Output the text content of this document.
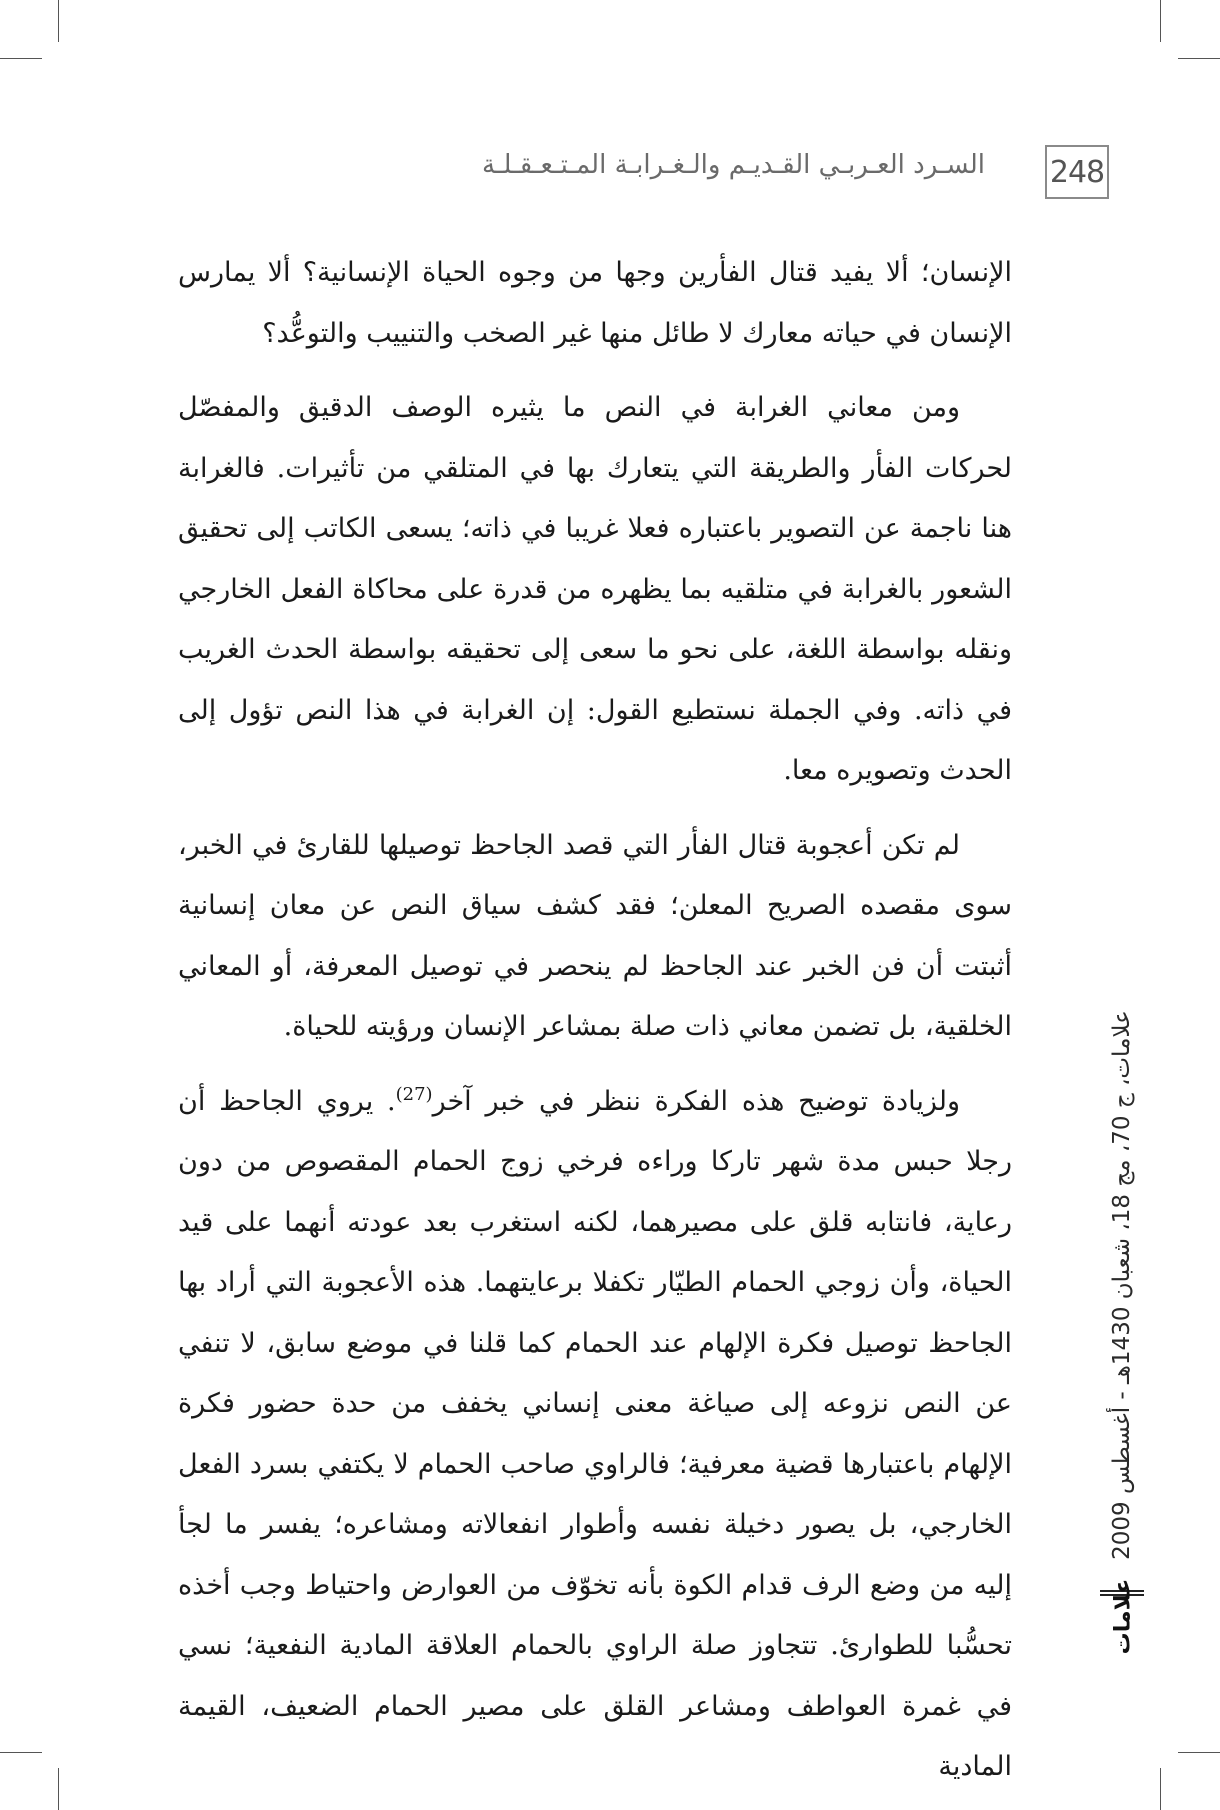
248
السـرد العـربـي القـديـم والـغـرابـة المـتـعـقـلـة

الإنسان؛ ألا يفيد قتال الفأرين وجها من وجوه الحياة الإنسانية؟ ألا يمارس الإنسان في حياته معارك لا طائل منها غير الصخب والتنييب والتوعُّد؟

ومن معاني الغرابة في النص ما يثيره الوصف الدقيق والمفصّل لحركات الفأر والطريقة التي يتعارك بها في المتلقي من تأثيرات. فالغرابة هنا ناجمة عن التصوير باعتباره فعلا غريبا في ذاته؛ يسعى الكاتب إلى تحقيق الشعور بالغرابة في متلقيه بما يظهره من قدرة على محاكاة الفعل الخارجي ونقله بواسطة اللغة، على نحو ما سعى إلى تحقيقه بواسطة الحدث الغريب في ذاته. وفي الجملة نستطيع القول: إن الغرابة في هذا النص تؤول إلى الحدث وتصويره معا.

لم تكن أعجوبة قتال الفأر التي قصد الجاحظ توصيلها للقارئ في الخبر، سوى مقصده الصريح المعلن؛ فقد كشف سياق النص عن معان إنسانية أثبتت أن فن الخبر عند الجاحظ لم ينحصر في توصيل المعرفة، أو المعاني الخلقية، بل تضمن معاني ذات صلة بمشاعر الإنسان ورؤيته للحياة.

ولزيادة توضيح هذه الفكرة ننظر في خبر آخر$^{(27)}$. يروي الجاحظ أن رجلا حبس مدة شهر تاركا وراءه فرخي زوج الحمام المقصوص من دون رعاية، فانتابه قلق على مصيرهما، لكنه استغرب بعد عودته أنهما على قيد الحياة، وأن زوجي الحمام الطيّار تكفلا برعايتهما. هذه الأعجوبة التي أراد بها الجاحظ توصيل فكرة الإلهام عند الحمام كما قلنا في موضع سابق، لا تنفي عن النص نزوعه إلى صياغة معنى إنساني يخفف من حدة حضور فكرة الإلهام باعتبارها قضية معرفية؛ فالراوي صاحب الحمام لا يكتفي بسرد الفعل الخارجي، بل يصور دخيلة نفسه وأطوار انفعالاته ومشاعره؛ يفسر ما لجأ إليه من وضع الرف قدام الكوة بأنه تخوّف من العوارض واحتياط وجب أخذه تحسُّبا للطوارئ. تتجاوز صلة الراوي بالحمام العلاقة المادية النفعية؛ نسي في غمرة العواطف ومشاعر القلق على مصير الحمام الضعيف، القيمة المادية

علامات، ج 70، مج 18، شعبان 1430هـ - أغسطس 2009
علامات
